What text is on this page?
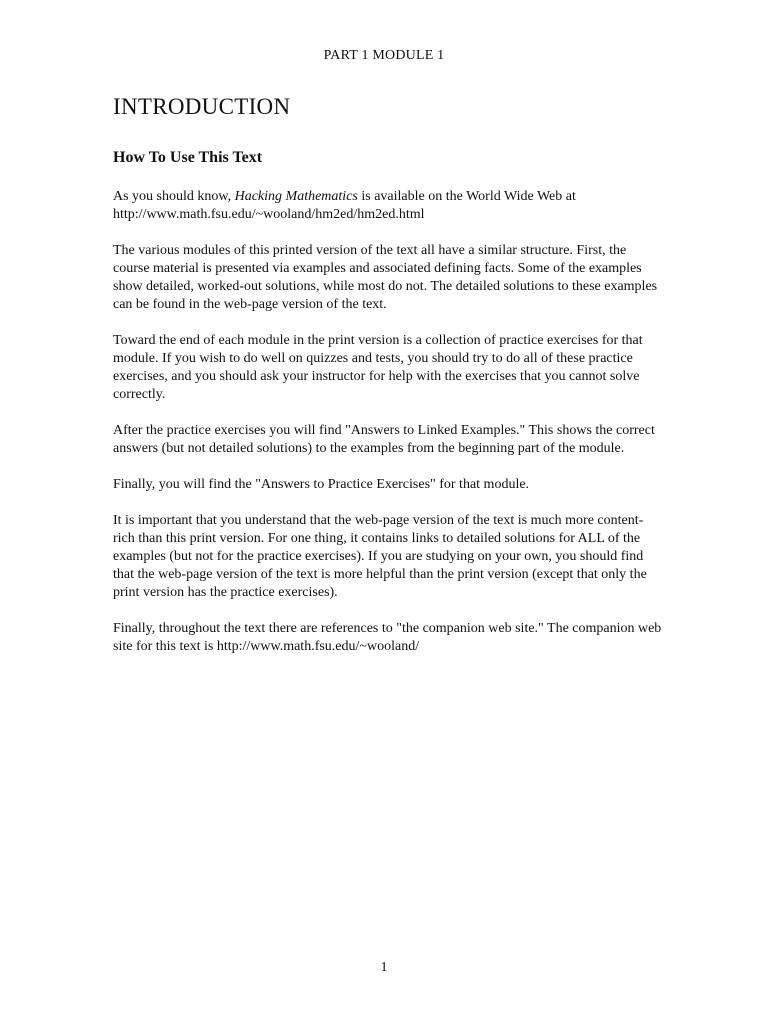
PART 1 MODULE 1
INTRODUCTION
How To Use This Text

As you should know, Hacking Mathematics is available on the World Wide Web at
http://www.math.fsu.edu/~wooland/hm2ed/hm2ed.html

The various modules of this printed version of the text all have a similar structure. First, the course material is presented via examples and associated defining facts. Some of the examples show detailed, worked-out solutions, while most do not. The detailed solutions to these examples can be found in the web-page version of the text.

Toward the end of each module in the print version is a collection of practice exercises for that module. If you wish to do well on quizzes and tests, you should try to do all of these practice exercises, and you should ask your instructor for help with the exercises that you cannot solve correctly.

After the practice exercises you will find "Answers to Linked Examples." This shows the correct answers (but not detailed solutions) to the examples from the beginning part of the module.

Finally, you will find the "Answers to Practice Exercises" for that module.

It is important that you understand that the web-page version of the text is much more content-rich than this print version. For one thing, it contains links to detailed solutions for ALL of the examples (but not for the practice exercises). If you are studying on your own, you should find that the web-page version of the text is more helpful than the print version (except that only the print version has the practice exercises).

Finally, throughout the text there are references to "the companion web site." The companion web site for this text is http://www.math.fsu.edu/~wooland/

1
